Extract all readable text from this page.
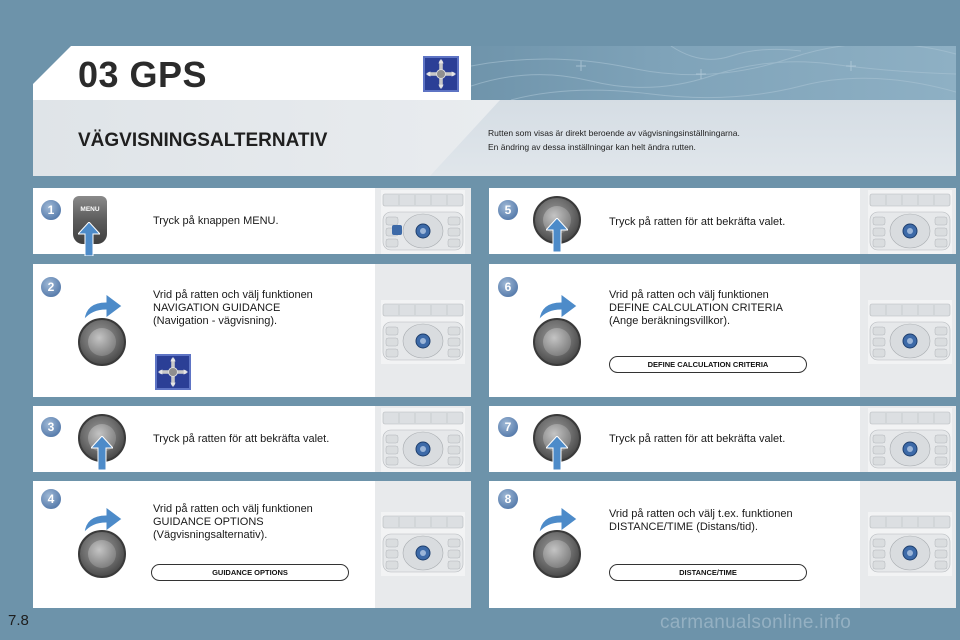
03 GPS
VÄGVISNINGSALTERNATIV	Rutten som visas är direkt beroende av vägvisningsinställningarna.
En ändring av dessa inställningar kan helt ändra rutten.
1	MENU
Tryck på knappen MENU.
2
Vrid på ratten och välj funktionen
NAVIGATION GUIDANCE
(Navigation - vägvisning).
3
Tryck på ratten för att bekräfta valet.
4
Vrid på ratten och välj funktionen
GUIDANCE OPTIONS
(Vägvisningsalternativ).
GUIDANCE OPTIONS
5
Tryck på ratten för att bekräfta valet.
6
Vrid på ratten och välj funktionen
DEFINE CALCULATION CRITERIA
(Ange beräkningsvillkor).
DEFINE CALCULATION CRITERIA
7
Tryck på ratten för att bekräfta valet.
8
Vrid på ratten och välj t.ex. funktionen
DISTANCE/TIME (Distans/tid).
DISTANCE/TIME
7.8	carmanualsonline.info
